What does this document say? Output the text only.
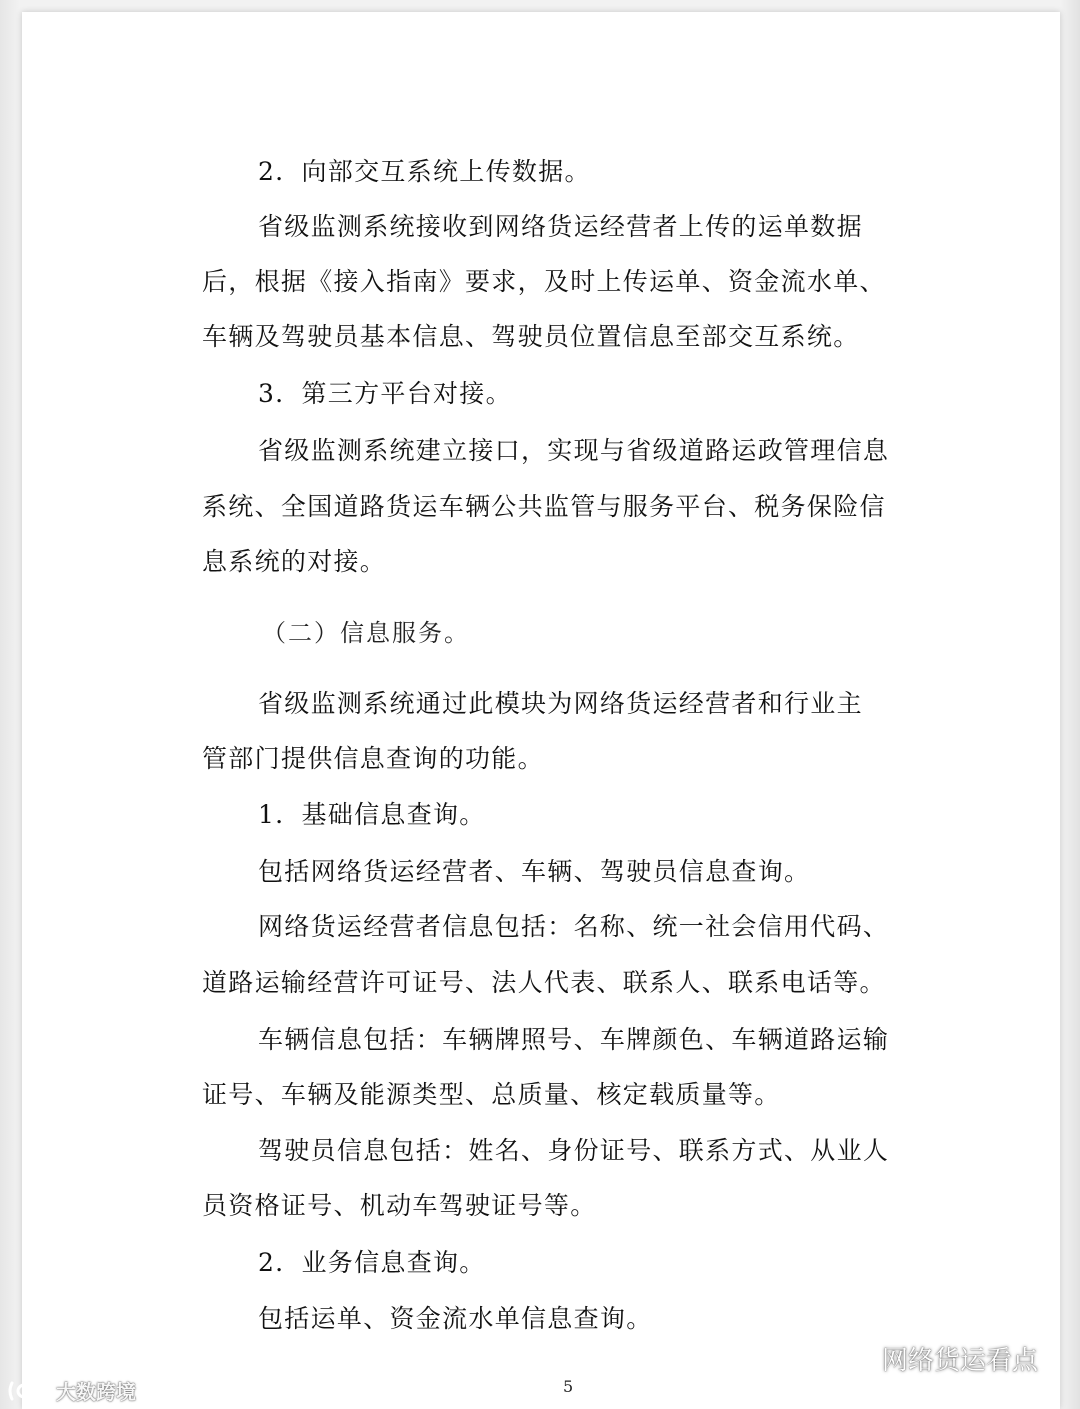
2．向部交互系统上传数据。

省级监测系统接收到网络货运经营者上传的运单数据

后，根据《接入指南》要求，及时上传运单、资金流水单、

车辆及驾驶员基本信息、驾驶员位置信息至部交互系统。

3．第三方平台对接。

省级监测系统建立接口，实现与省级道路运政管理信息

系统、全国道路货运车辆公共监管与服务平台、税务保险信

息系统的对接。

（二）信息服务。

省级监测系统通过此模块为网络货运经营者和行业主

管部门提供信息查询的功能。

1．基础信息查询。

包括网络货运经营者、车辆、驾驶员信息查询。

网络货运经营者信息包括：名称、统一社会信用代码、

道路运输经营许可证号、法人代表、联系人、联系电话等。

车辆信息包括：车辆牌照号、车牌颜色、车辆道路运输

证号、车辆及能源类型、总质量、核定载质量等。

驾驶员信息包括：姓名、身份证号、联系方式、从业人

员资格证号、机动车驾驶证号等。

2．业务信息查询。

包括运单、资金流水单信息查询。

5
大数跨境
网络货运看点
